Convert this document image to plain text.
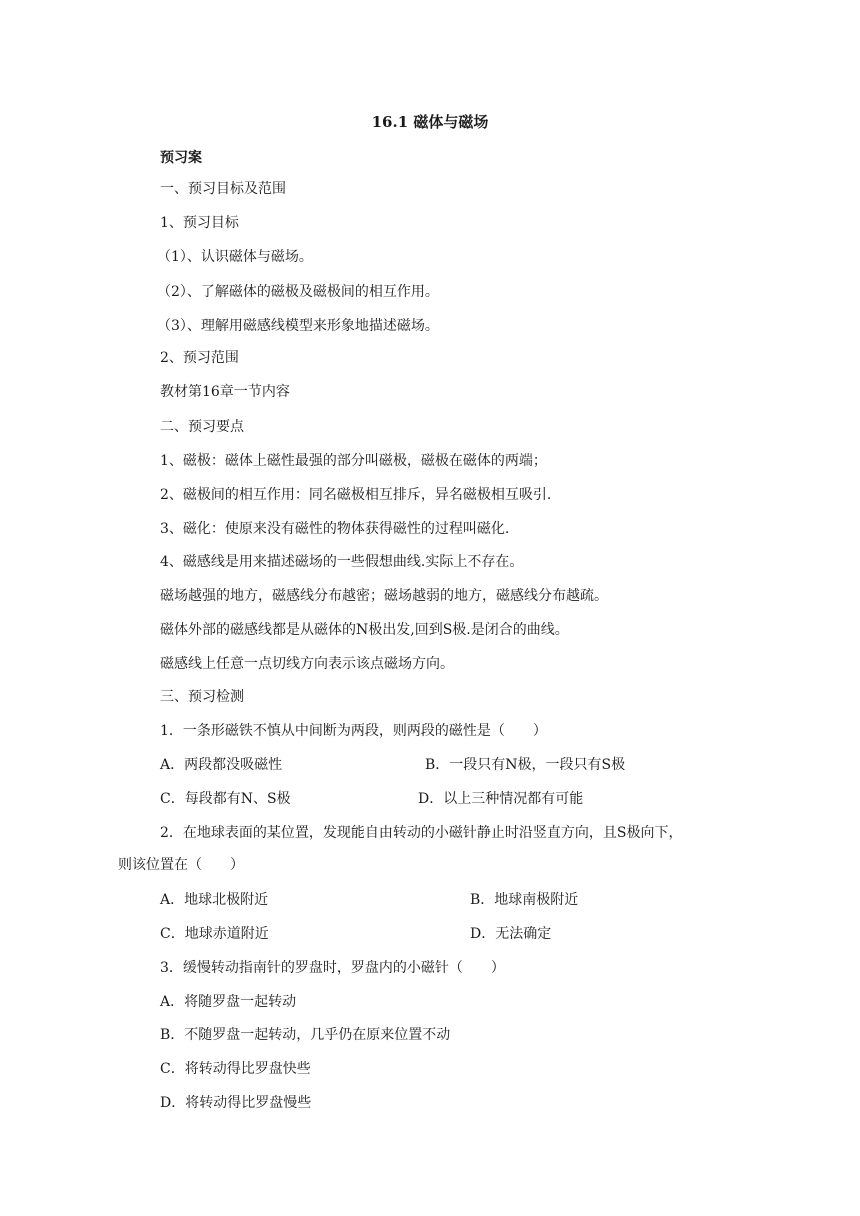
16.1 磁体与磁场
预习案
一、预习目标及范围
1、预习目标
（1）、认识磁体与磁场。
（2）、了解磁体的磁极及磁极间的相互作用。
（3）、理解用磁感线模型来形象地描述磁场。
2、预习范围
教材第16章一节内容
二、预习要点
1、磁极：磁体上磁性最强的部分叫磁极，磁极在磁体的两端；
2、磁极间的相互作用：同名磁极相互排斥，异名磁极相互吸引.
3、磁化：使原来没有磁性的物体获得磁性的过程叫磁化.
4、磁感线是用来描述磁场的一些假想曲线.实际上不存在。
磁场越强的地方，磁感线分布越密；磁场越弱的地方，磁感线分布越疏。
磁体外部的磁感线都是从磁体的N极出发,回到S极.是闭合的曲线。
磁感线上任意一点切线方向表示该点磁场方向。
三、预习检测
1．一条形磁铁不慎从中间断为两段，则两段的磁性是（　　）
A．两段都没吸磁性	B．一段只有N极，一段只有S极
C．每段都有N、S极	D．以上三种情况都有可能
2．在地球表面的某位置，发现能自由转动的小磁针静止时沿竖直方向，且S极向下，
则该位置在（　　）
A．地球北极附近	B．地球南极附近
C．地球赤道附近	D．无法确定
3．缓慢转动指南针的罗盘时，罗盘内的小磁针（　　）
A．将随罗盘一起转动
B．不随罗盘一起转动，几乎仍在原来位置不动
C．将转动得比罗盘快些
D．将转动得比罗盘慢些
